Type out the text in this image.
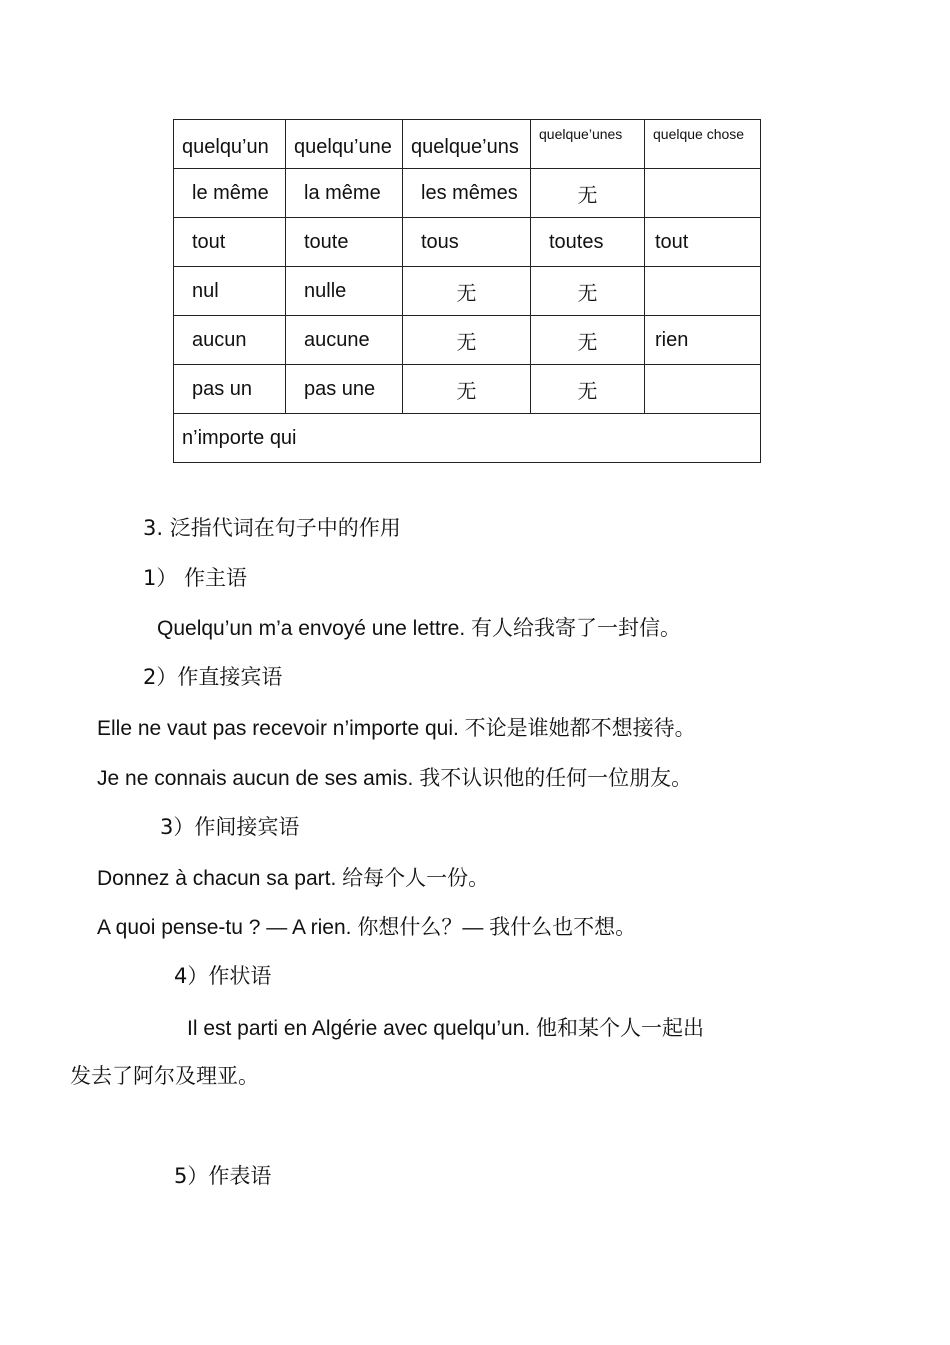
quelqu’un	quelqu’une	quelque’uns	quelque’unes	quelque chose
le même	la même	les mêmes	无	
tout	toute	tous	toutes	tout
nul	nulle	无	无	
aucun	aucune	无	无	rien
pas un	pas une	无	无	
n’importe qui				
3. 泛指代词在句子中的作用
1） 作主语
Quelqu’un m’a envoyé une lettre. 有人给我寄了一封信。
2）作直接宾语
Elle ne vaut pas recevoir n’importe qui. 不论是谁她都不想接待。
Je ne connais aucun de ses amis. 我不认识他的任何一位朋友。
3）作间接宾语
Donnez à chacun sa part. 给每个人一份。
A quoi pense-tu ? — A rien. 你想什么？— 我什么也不想。
4）作状语
Il est parti en Algérie avec quelqu’un. 他和某个人一起出
发去了阿尔及理亚。
5）作表语
